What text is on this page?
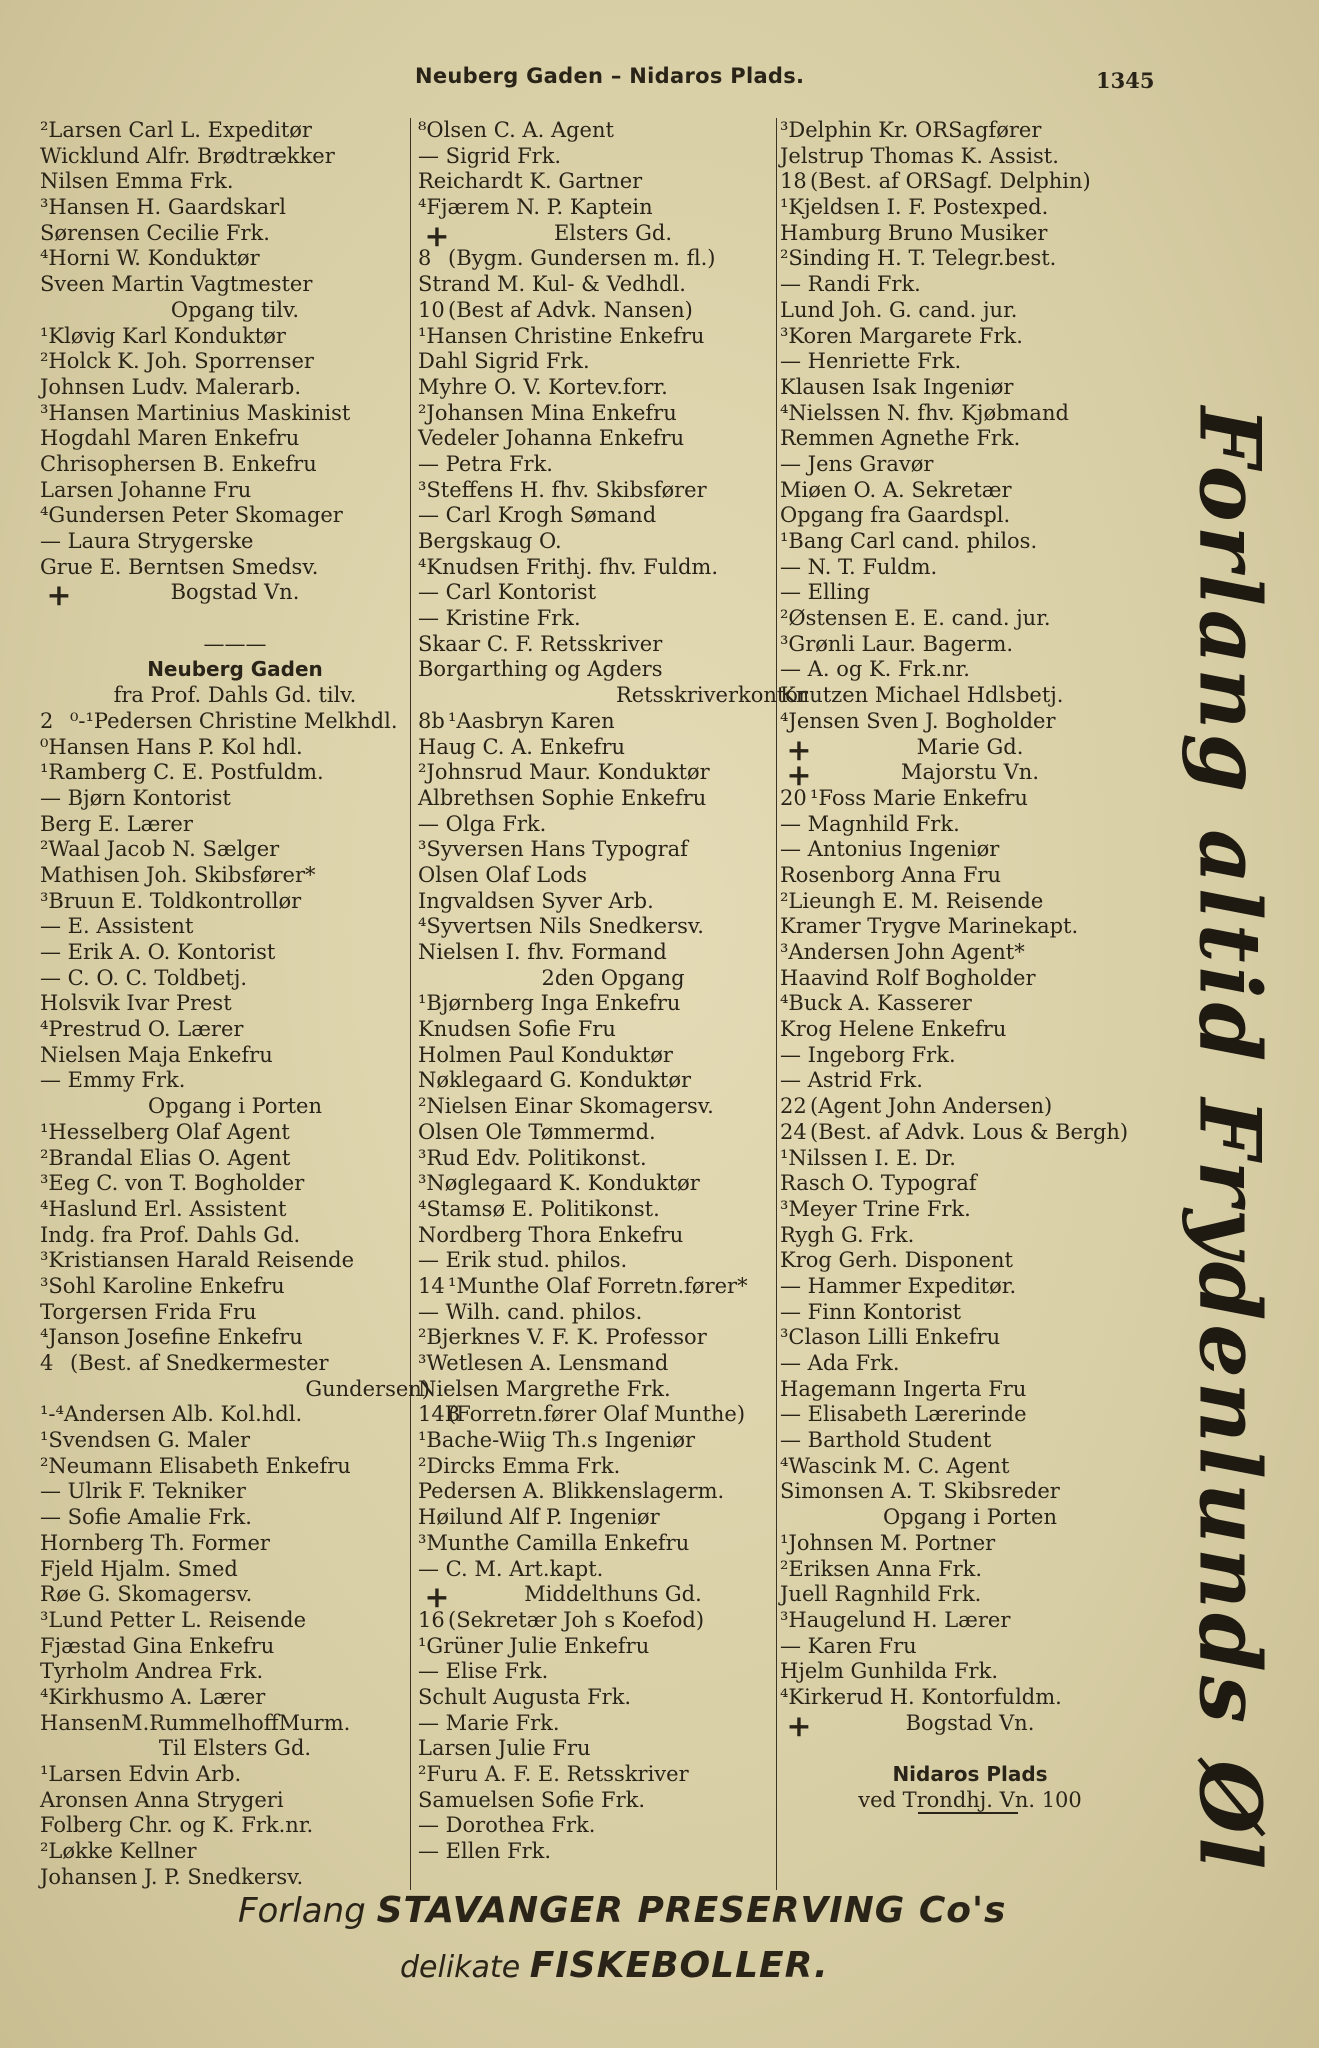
Neuberg Gaden – Nidaros Plads.	1345
²Larsen Carl L. Expeditør
Wicklund Alfr. Brødtrækker
Nilsen Emma Frk.
³Hansen H. Gaardskarl
Sørensen Cecilie Frk.
⁴Horni W. Konduktør
Sveen Martin Vagtmester
Opgang tilv.
¹Kløvig Karl Konduktør
²Holck K. Joh. Sporrenser
Johnsen Ludv. Malerarb.
³Hansen Martinius Maskinist
Hogdahl Maren Enkefru
Chrisophersen B. Enkefru
Larsen Johanne Fru
⁴Gundersen Peter Skomager
— Laura Strygerske
Grue E. Berntsen Smedsv.
+	Bogstad Vn.
———
Neuberg Gaden
fra Prof. Dahls Gd. tilv.
2 ⁰-¹Pedersen Christine Melkhdl.
⁰Hansen Hans P. Kol hdl.
¹Ramberg C. E. Postfuldm.
— Bjørn Kontorist
Berg E. Lærer
²Waal Jacob N. Sælger
Mathisen Joh. Skibsfører*
³Bruun E. Toldkontrollør
— E. Assistent
— Erik A. O. Kontorist
— C. O. C. Toldbetj.
Holsvik Ivar Prest
⁴Prestrud O. Lærer
Nielsen Maja Enkefru
— Emmy Frk.
Opgang i Porten
¹Hesselberg Olaf Agent
²Brandal Elias O. Agent
³Eeg C. von T. Bogholder
⁴Haslund Erl. Assistent
Indg. fra Prof. Dahls Gd.
³Kristiansen Harald Reisende
³Sohl Karoline Enkefru
Torgersen Frida Fru
⁴Janson Josefine Enkefru
4 (Best. af Snedkermester
Gundersen)
¹-⁴Andersen Alb. Kol.hdl.
¹Svendsen G. Maler
²Neumann Elisabeth Enkefru
— Ulrik F. Tekniker
— Sofie Amalie Frk.
Hornberg Th. Former
Fjeld Hjalm. Smed
Røe G. Skomagersv.
³Lund Petter L. Reisende
Fjæstad Gina Enkefru
Tyrholm Andrea Frk.
⁴Kirkhusmo A. Lærer
HansenM.RummelhoffMurm.
Til Elsters Gd.
¹Larsen Edvin Arb.
Aronsen Anna Strygeri
Folberg Chr. og K. Frk.nr.
²Løkke Kellner
Johansen J. P. Snedkersv.
⁸Olsen C. A. Agent
— Sigrid Frk.
Reichardt K. Gartner
⁴Fjærem N. P. Kaptein
+	Elsters Gd.
8 (Bygm. Gundersen m. fl.)
Strand M. Kul- & Vedhdl.
10 (Best af Advk. Nansen)
¹Hansen Christine Enkefru
Dahl Sigrid Frk.
Myhre O. V. Kortev.forr.
²Johansen Mina Enkefru
Vedeler Johanna Enkefru
— Petra Frk.
³Steffens H. fhv. Skibsfører
— Carl Krogh Sømand
Bergskaug O.
⁴Knudsen Frithj. fhv. Fuldm.
— Carl Kontorist
— Kristine Frk.
Skaar C. F. Retsskriver
Borgarthing og Agders
Retsskriverkontor
8b ¹Aasbryn Karen
Haug C. A. Enkefru
²Johnsrud Maur. Konduktør
Albrethsen Sophie Enkefru
— Olga Frk.
³Syversen Hans Typograf
Olsen Olaf Lods
Ingvaldsen Syver Arb.
⁴Syvertsen Nils Snedkersv.
Nielsen I. fhv. Formand
2den Opgang
¹Bjørnberg Inga Enkefru
Knudsen Sofie Fru
Holmen Paul Konduktør
Nøklegaard G. Konduktør
²Nielsen Einar Skomagersv.
Olsen Ole Tømmermd.
³Rud Edv. Politikonst.
³Nøglegaard K. Konduktør
⁴Stamsø E. Politikonst.
Nordberg Thora Enkefru
— Erik stud. philos.
14 ¹Munthe Olaf Forretn.fører*
— Wilh. cand. philos.
²Bjerknes V. F. K. Professor
³Wetlesen A. Lensmand
Nielsen Margrethe Frk.
14B(Forretn.fører Olaf Munthe)
¹Bache-Wiig Th.s Ingeniør
²Dircks Emma Frk.
Pedersen A. Blikkenslagerm.
Høilund Alf P. Ingeniør
³Munthe Camilla Enkefru
— C. M. Art.kapt.
+	Middelthuns Gd.
16 (Sekretær Joh s Koefod)
¹Grüner Julie Enkefru
— Elise Frk.
Schult Augusta Frk.
— Marie Frk.
Larsen Julie Fru
²Furu A. F. E. Retsskriver
Samuelsen Sofie Frk.
— Dorothea Frk.
— Ellen Frk.
³Delphin Kr. ORSagfører
Jelstrup Thomas K. Assist.
18 (Best. af ORSagf. Delphin)
¹Kjeldsen I. F. Postexped.
Hamburg Bruno Musiker
²Sinding H. T. Telegr.best.
— Randi Frk.
Lund Joh. G. cand. jur.
³Koren Margarete Frk.
— Henriette Frk.
Klausen Isak Ingeniør
⁴Nielssen N. fhv. Kjøbmand
Remmen Agnethe Frk.
— Jens Gravør
Miøen O. A. Sekretær
Opgang fra Gaardspl.
¹Bang Carl cand. philos.
— N. T. Fuldm.
— Elling
²Østensen E. E. cand. jur.
³Grønli Laur. Bagerm.
— A. og K. Frk.nr.
Knutzen Michael Hdlsbetj.
⁴Jensen Sven J. Bogholder
+	Marie Gd.
+	Majorstu Vn.
20 ¹Foss Marie Enkefru
— Magnhild Frk.
— Antonius Ingeniør
Rosenborg Anna Fru
²Lieungh E. M. Reisende
Kramer Trygve Marinekapt.
³Andersen John Agent*
Haavind Rolf Bogholder
⁴Buck A. Kasserer
Krog Helene Enkefru
— Ingeborg Frk.
— Astrid Frk.
22 (Agent John Andersen)
24 (Best. af Advk. Lous & Bergh)
¹Nilssen I. E. Dr.
Rasch O. Typograf
³Meyer Trine Frk.
Rygh G. Frk.
Krog Gerh. Disponent
— Hammer Expeditør.
— Finn Kontorist
³Clason Lilli Enkefru
— Ada Frk.
Hagemann Ingerta Fru
— Elisabeth Lærerinde
— Barthold Student
⁴Wascink M. C. Agent
Simonsen A. T. Skibsreder
Opgang i Porten
¹Johnsen M. Portner
²Eriksen Anna Frk.
Juell Ragnhild Frk.
³Haugelund H. Lærer
— Karen Fru
Hjelm Gunhilda Frk.
⁴Kirkerud H. Kontorfuldm.
+	Bogstad Vn.
Nidaros Plads
ved Trondhj. Vn. 100
Forlang STAVANGER PRESERVING Co's
delikate FISKEBOLLER.
Forlang altid Frydenlunds Øl
